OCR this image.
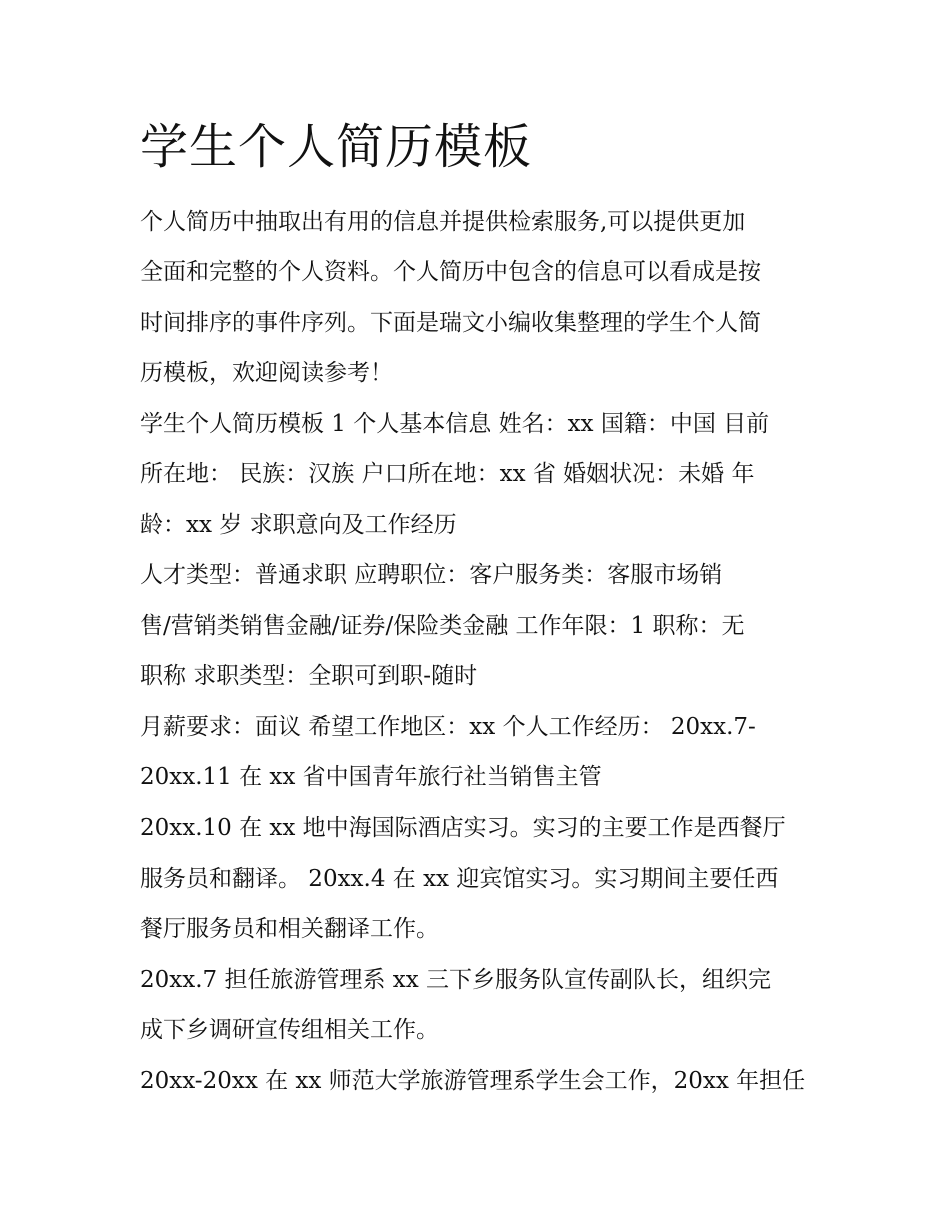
学生个人简历模板

个人简历中抽取出有用的信息并提供检索服务,可以提供更加

全面和完整的个人资料。个人简历中包含的信息可以看成是按

时间排序的事件序列。下面是瑞文小编收集整理的学生个人简

历模板，欢迎阅读参考！

学生个人简历模板 1 个人基本信息 姓名：xx 国籍：中国 目前

所在地： 民族：汉族 户口所在地：xx 省 婚姻状况：未婚 年

龄：xx 岁 求职意向及工作经历

人才类型：普通求职 应聘职位：客户服务类：客服市场销

售/营销类销售金融/证券/保险类金融 工作年限：1 职称：无

职称 求职类型：全职可到职-随时

月薪要求：面议 希望工作地区：xx 个人工作经历： 20xx.7-

20xx.11 在 xx 省中国青年旅行社当销售主管

20xx.10 在 xx 地中海国际酒店实习。实习的主要工作是西餐厅

服务员和翻译。 20xx.4 在 xx 迎宾馆实习。实习期间主要任西

餐厅服务员和相关翻译工作。

20xx.7 担任旅游管理系 xx 三下乡服务队宣传副队长，组织完

成下乡调研宣传组相关工作。

20xx-20xx 在 xx 师范大学旅游管理系学生会工作，20xx 年担任
